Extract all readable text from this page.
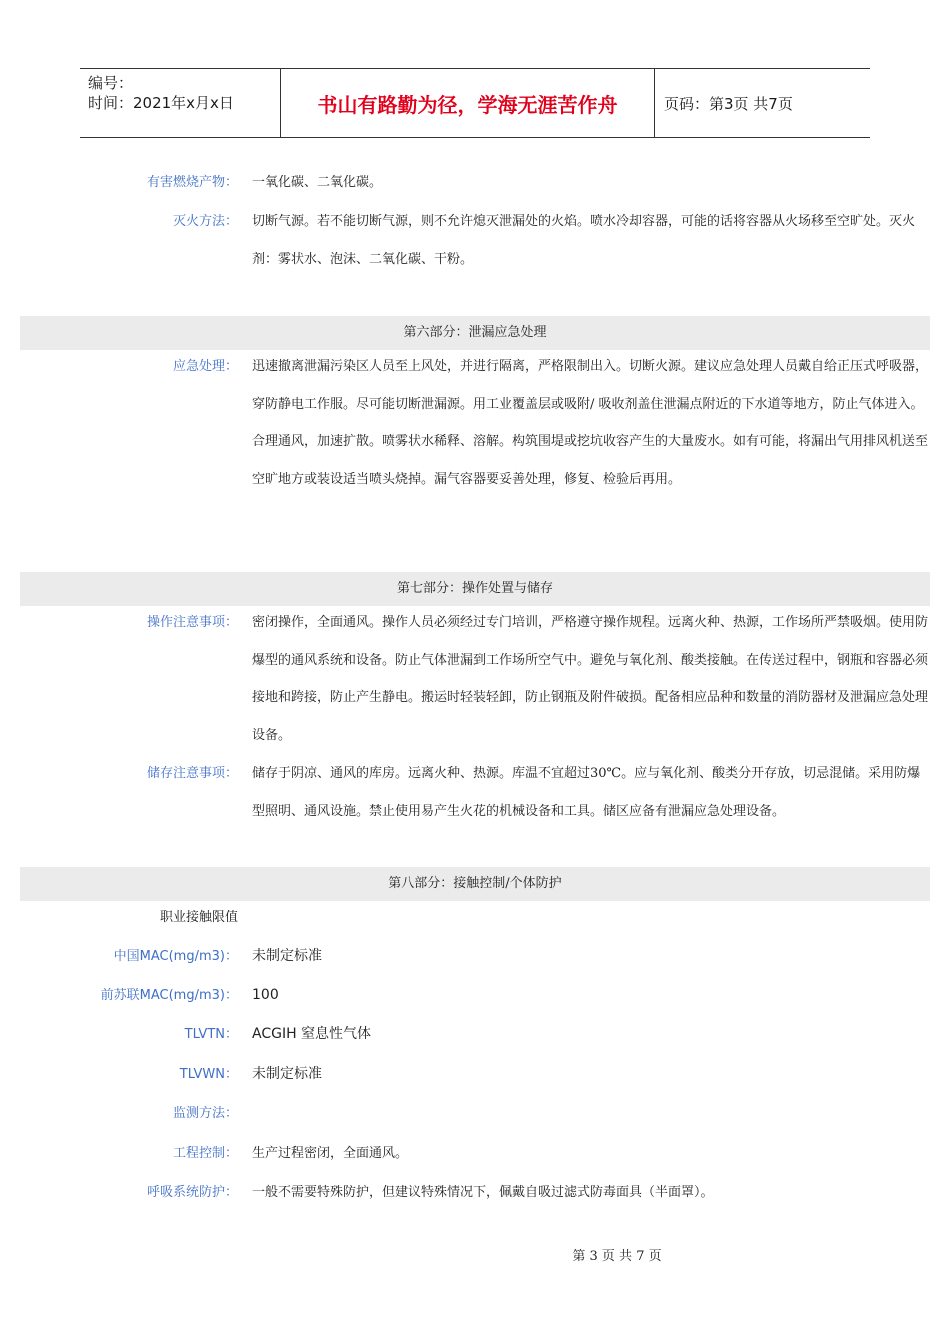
编号：
时间：2021年x月x日	书山有路勤为径，学海无涯苦作舟	页码：第3页 共7页
有害燃烧产物： 一氧化碳、二氧化碳。
灭火方法： 切断气源。若不能切断气源，则不允许熄灭泄漏处的火焰。喷水冷却容器，可能的话将容器从火场移至空旷处。灭火剂：雾状水、泡沫、二氧化碳、干粉。
第六部分：泄漏应急处理
应急处理： 迅速撤离泄漏污染区人员至上风处，并进行隔离，严格限制出入。切断火源。建议应急处理人员戴自给正压式呼吸器，穿防静电工作服。尽可能切断泄漏源。用工业覆盖层或吸附/ 吸收剂盖住泄漏点附近的下水道等地方，防止气体进入。合理通风，加速扩散。喷雾状水稀释、溶解。构筑围堤或挖坑收容产生的大量废水。如有可能，将漏出气用排风机送至空旷地方或装设适当喷头烧掉。漏气容器要妥善处理，修复、检验后再用。
第七部分：操作处置与储存
操作注意事项： 密闭操作，全面通风。操作人员必须经过专门培训，严格遵守操作规程。远离火种、热源，工作场所严禁吸烟。使用防爆型的通风系统和设备。防止气体泄漏到工作场所空气中。避免与氧化剂、酸类接触。在传送过程中，钢瓶和容器必须接地和跨接，防止产生静电。搬运时轻装轻卸，防止钢瓶及附件破损。配备相应品种和数量的消防器材及泄漏应急处理设备。
储存注意事项： 储存于阴凉、通风的库房。远离火种、热源。库温不宜超过30℃。应与氧化剂、酸类分开存放，切忌混储。采用防爆型照明、通风设施。禁止使用易产生火花的机械设备和工具。储区应备有泄漏应急处理设备。
第八部分：接触控制/个体防护
职业接触限值
中国MAC(mg/m3)： 未制定标准
前苏联MAC(mg/m3)： 100
TLVTN： ACGIH 窒息性气体
TLVWN： 未制定标准
监测方法：
工程控制： 生产过程密闭，全面通风。
呼吸系统防护： 一般不需要特殊防护，但建议特殊情况下，佩戴自吸过滤式防毒面具（半面罩）。
第 3 页 共 7 页
